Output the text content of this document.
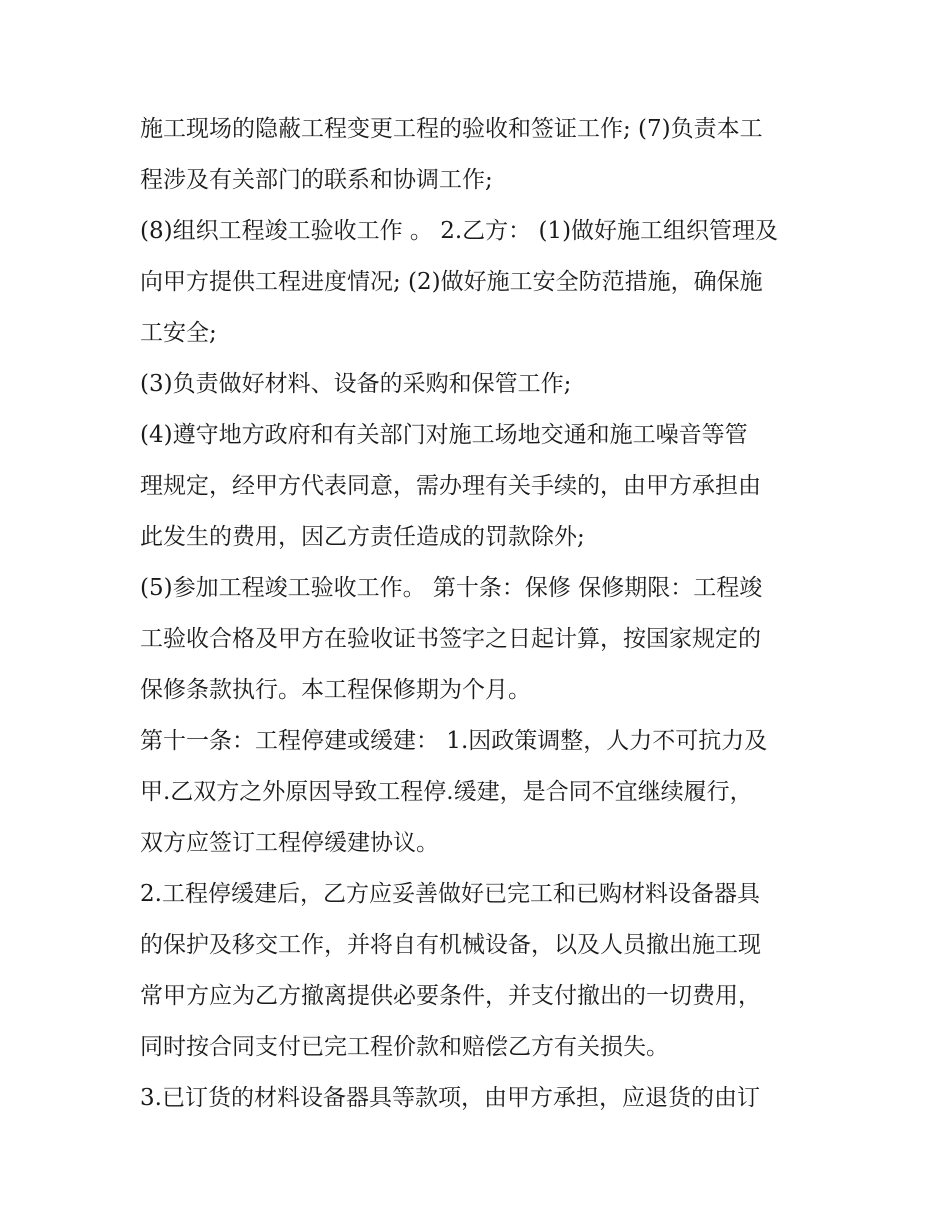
施工现场的隐蔽工程变更工程的验收和签证工作; (7)负责本工
程涉及有关部门的联系和协调工作;
(8)组织工程竣工验收工作 。 2.乙方： (1)做好施工组织管理及
向甲方提供工程进度情况; (2)做好施工安全防范措施，确保施
工安全;
(3)负责做好材料、设备的采购和保管工作;
(4)遵守地方政府和有关部门对施工场地交通和施工噪音等管
理规定，经甲方代表同意，需办理有关手续的，由甲方承担由
此发生的费用，因乙方责任造成的罚款除外;
(5)参加工程竣工验收工作。 第十条：保修 保修期限：工程竣
工验收合格及甲方在验收证书签字之日起计算，按国家规定的
保修条款执行。本工程保修期为个月。
第十一条：工程停建或缓建： 1.因政策调整，人力不可抗力及
甲.乙双方之外原因导致工程停.缓建，是合同不宜继续履行，
双方应签订工程停缓建协议。
2.工程停缓建后，乙方应妥善做好已完工和已购材料设备器具
的保护及移交工作，并将自有机械设备，以及人员撤出施工现
常甲方应为乙方撤离提供必要条件，并支付撤出的一切费用，
同时按合同支付已完工程价款和赔偿乙方有关损失。
3.已订货的材料设备器具等款项，由甲方承担，应退货的由订
